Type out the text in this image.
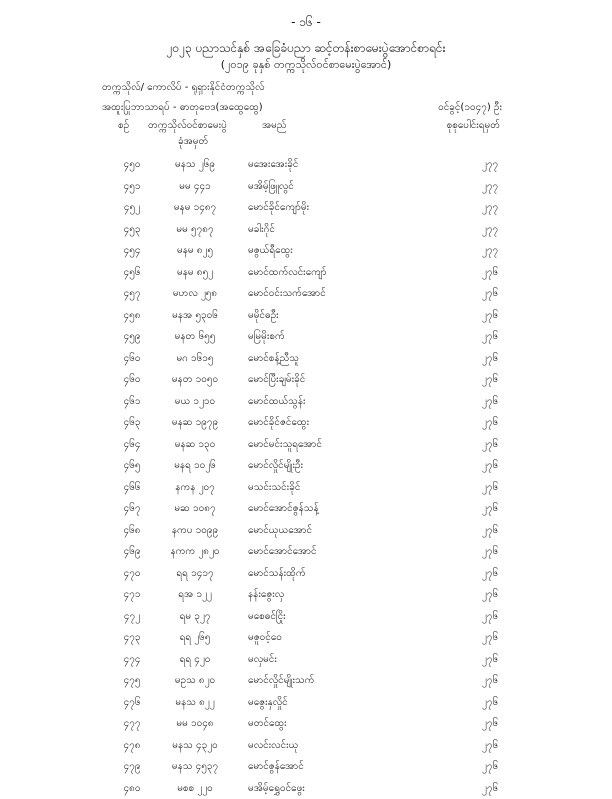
- ၁၆ -
၂၀၂၃ ပညာသင်နှစ် အခြေခံပညာ ဆင့်တန်းစာမေးပွဲအောင်စာရင်း
(၂၀၁၉ ခုနှစ် တက္ကသိုလ်ဝင်စာမေးပွဲအောင်)
တက္ကသိုလ်/ ကောလိပ် - ရုရှားနိုင်ငံတက္ကသိုလ်
အထူးပြုဘာသာရပ် - ဓာတုဗေဒ(အထွေထွေ)	ဝင်ခွင့်(၁၀၄၇) ဦး
စဉ် တက္ကသိုလ်ဝင်စာမေးပွဲ
ခုံအမှတ်
အမည်	စုစုပေါင်းရမှတ်
၄၅၀	မနသ ၂၆၉	မအေးအေးခိုင်	၂၇၇
၄၅၁	မမ ၄၄၁	မအိမ့်ဖြူလွင်	၂၇၇
၄၅၂	မနမ ၁၄၈၇	မောင်ခိုင်ကျော်မိုး	၂၇၇
၄၅၃	မမ ၅၇၈၇	မခါးဂိုင်	၂၇၇
၄၅၄	မနမ ၈၂၅	မဇွယ်ရီထွေး	၂၇၇
၄၅၆	မနမ ၈၅၂	မောင်ထက်လင်းကျော်	၂၇၆
၄၅၇	မဟလ ၂၅၈	မောင်ဝင်းသက်အောင်	၂၇၆
၄၅၈	မနအ ၅၃၀၆	မမိုင်ဓဦး	၂၇၆
၄၅၉	မနတ ၆၅၅	မမြမိုးစက်	၂၇၆
၄၆၀	မဂ ၁၆၁၅	မောင်စန့်ညီသူ	၂၇၆
၄၆၀	မနတ ၁၀၅၀	မောင်ပြီးချမ်းခိုင်	၂၇၆
၄၆၁	မယ ၁၂၁၀	မောင်ထယ်သွန်း	၂၇၆
၄၆၃	မနဆ ၁၉၇၉	မောင်ခိုင်ဇင်ထွေး	၂၇၆
၄၆၄	မနဆ ၁၃၀	မောင်မင်းသူရအောင်	၂၇၆
၄၆၅	မနရ ၁၀၂၆	မောင်လှိုင်မျိုးဦး	၂၇၆
၄၆၆	နကန ၂၀၇	မသင်းသင်းခိုင်	၂၇၆
၄၆၇	မဆ ၁၀၈၇	မောင်အောင်ဇွန်သန့်	၂၇၆
၄၆၈	နကပ ၁၀၉၉	မောင်ယုယအောင်	၂၇၆
၄၆၉	နကက ၂၈၂၀	မောင်အောင်အောင်	၂၇၆
၄၇၀	ရရ ၁၄၁၇	မောင်သန်းထိုက်	၂၇၆
၄၇၁	ရအ ၁၂၂	နန်းဇွေးလှ	၂၇၆
၄၇၂	ရမ ၃၂၇	မစေဓင်ငြိုး	၂၇၆
၄၇၃	ရရ ၂၆၅	မဇူဝင့်ဝေ	၂၇၆
၄၇၄	ရရ ၄၂၀	မလှမင်း	၂၇၆
၄၇၅	မဥသ ၈၂၀	မောင်လှိုင်မျိုးသက်	၂၇၆
၄၇၆	မနသ ၈၂၂	မဇွေးနှလှိုင်	၂၇၆
၄၇၇	မမ ၁၀၄၈	မတင်ထွေး	၂၇၆
၄၇၈	မနသ ၄၃၂၀	မလင်းလင်းယု	၂၇၆
၄၇၉	မနသ ၄၅၃၇	မောင်ဇွန်အောင်	၂၇၆
၄၈၀	မစစ ၂၂၀	မအိမ့်ရွှေဝင်ဖွေး	၂၇၆
